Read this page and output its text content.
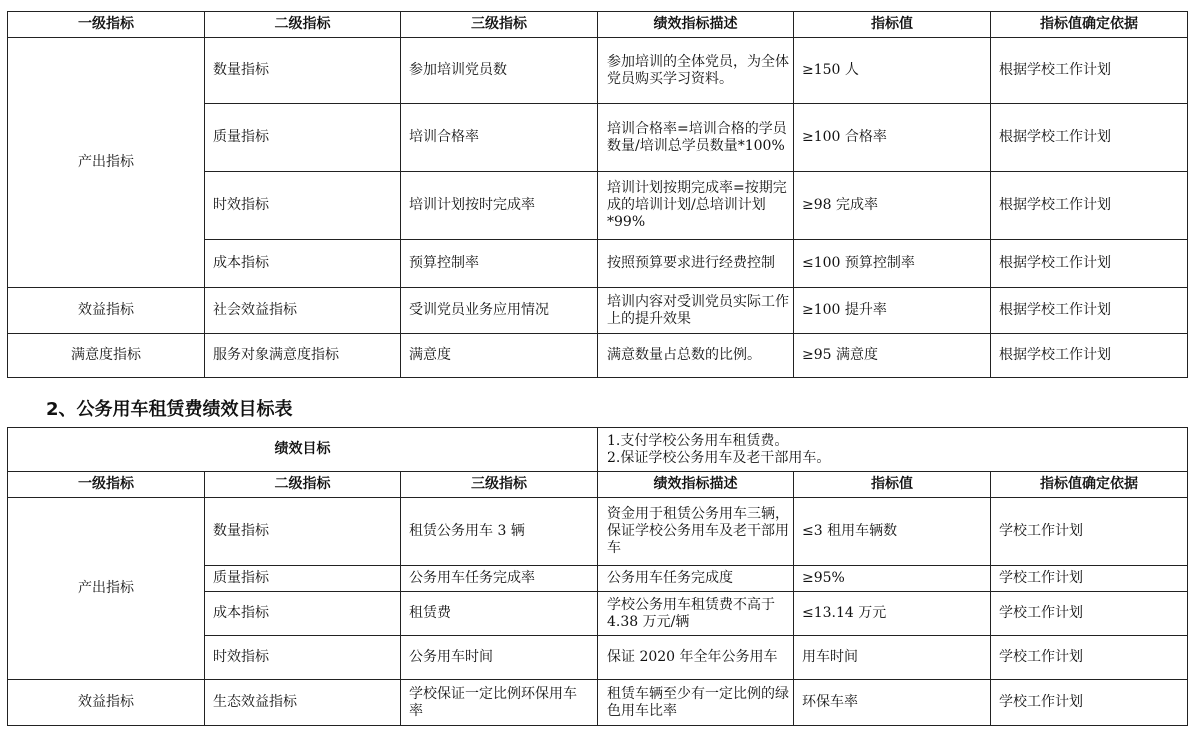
一级指标	二级指标	三级指标	绩效指标描述	指标值	指标值确定依据
产出指标	数量指标	参加培训党员数	参加培训的全体党员，为全体党员购买学习资料。	≥150 人	根据学校工作计划
	质量指标	培训合格率	培训合格率=培训合格的学员数量/培训总学员数量*100%	≥100 合格率	根据学校工作计划
	时效指标	培训计划按时完成率	培训计划按期完成率=按期完成的培训计划/总培训计划*99%	≥98 完成率	根据学校工作计划
	成本指标	预算控制率	按照预算要求进行经费控制	≤100 预算控制率	根据学校工作计划
效益指标	社会效益指标	受训党员业务应用情况	培训内容对受训党员实际工作上的提升效果	≥100 提升率	根据学校工作计划
满意度指标	服务对象满意度指标	满意度	满意数量占总数的比例。	≥95 满意度	根据学校工作计划
2、公务用车租赁费绩效目标表
绩效目标			1.支付学校公务用车租赁费。
2.保证学校公务用车及老干部用车。		

一级指标	二级指标	三级指标	绩效指标描述	指标值	指标值确定依据
产出指标	数量指标	租赁公务用车 3 辆	资金用于租赁公务用车三辆，保证学校公务用车及老干部用车	≤3 租用车辆数	学校工作计划
	质量指标	公务用车任务完成率	公务用车任务完成度	≥95%	学校工作计划
	成本指标	租赁费	学校公务用车租赁费不高于 4.38 万元/辆	≤13.14 万元	学校工作计划
	时效指标	公务用车时间	保证 2020 年全年公务用车	用车时间	学校工作计划
效益指标	生态效益指标	学校保证一定比例环保用车率	租赁车辆至少有一定比例的绿色用车比率	环保车率	学校工作计划
